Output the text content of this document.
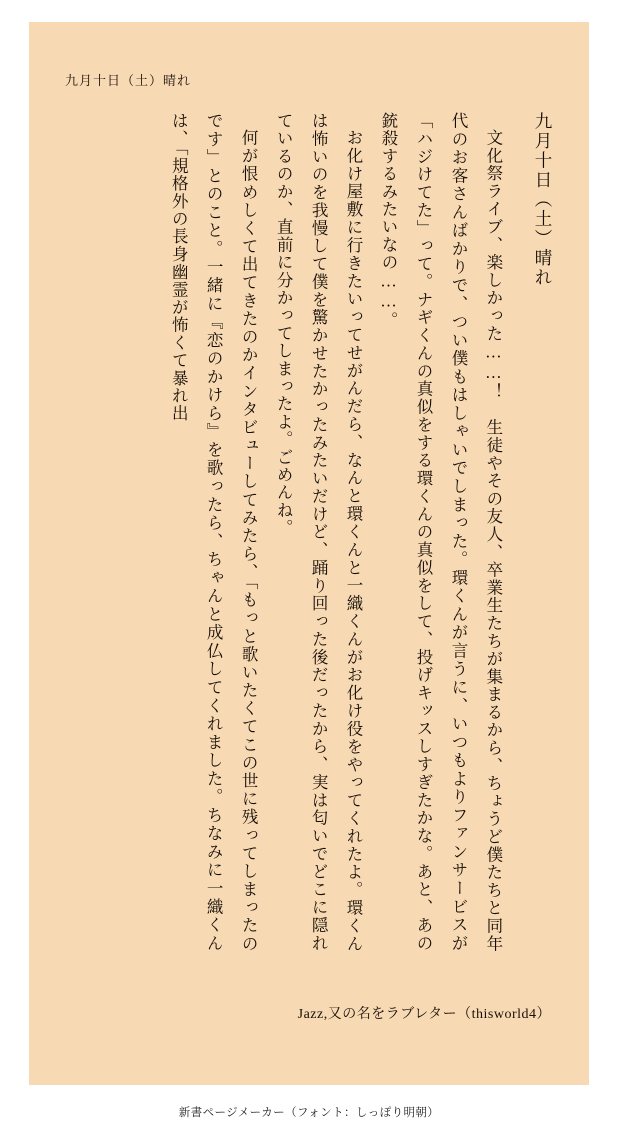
九月十日（土）晴れ
九月十日（土）晴れ
文化祭ライブ、楽しかった……！　生徒やその友人、卒業生たちが集まるから、ちょうど僕たちと同年代のお客さんばかりで、つい僕もはしゃいでしまった。環くんが言うに、いつもよりファンサービスが「ハジけてた」って。ナギくんの真似をする環くんの真似をして、投げキッスしすぎたかな。あと、あの銃殺するみたいなの……。
お化け屋敷に行きたいってせがんだら、なんと環くんと一織くんがお化け役をやってくれたよ。環くんは怖いのを我慢して僕を驚かせたかったみたいだけど、踊り回った後だったから、実は匂いでどこに隠れているのか、直前に分かってしまったよ。ごめんね。
何が恨めしくて出てきたのかインタビューしてみたら、「もっと歌いたくてこの世に残ってしまったのです」とのこと。一緒に『恋のかけら』を歌ったら、ちゃんと成仏してくれました。ちなみに一織くんは、「規格外の長身幽霊が怖くて暴れ出
Jazz,又の名をラブレター（thisworld4）
新書ページメーカー（フォント：しっぽり明朝）
